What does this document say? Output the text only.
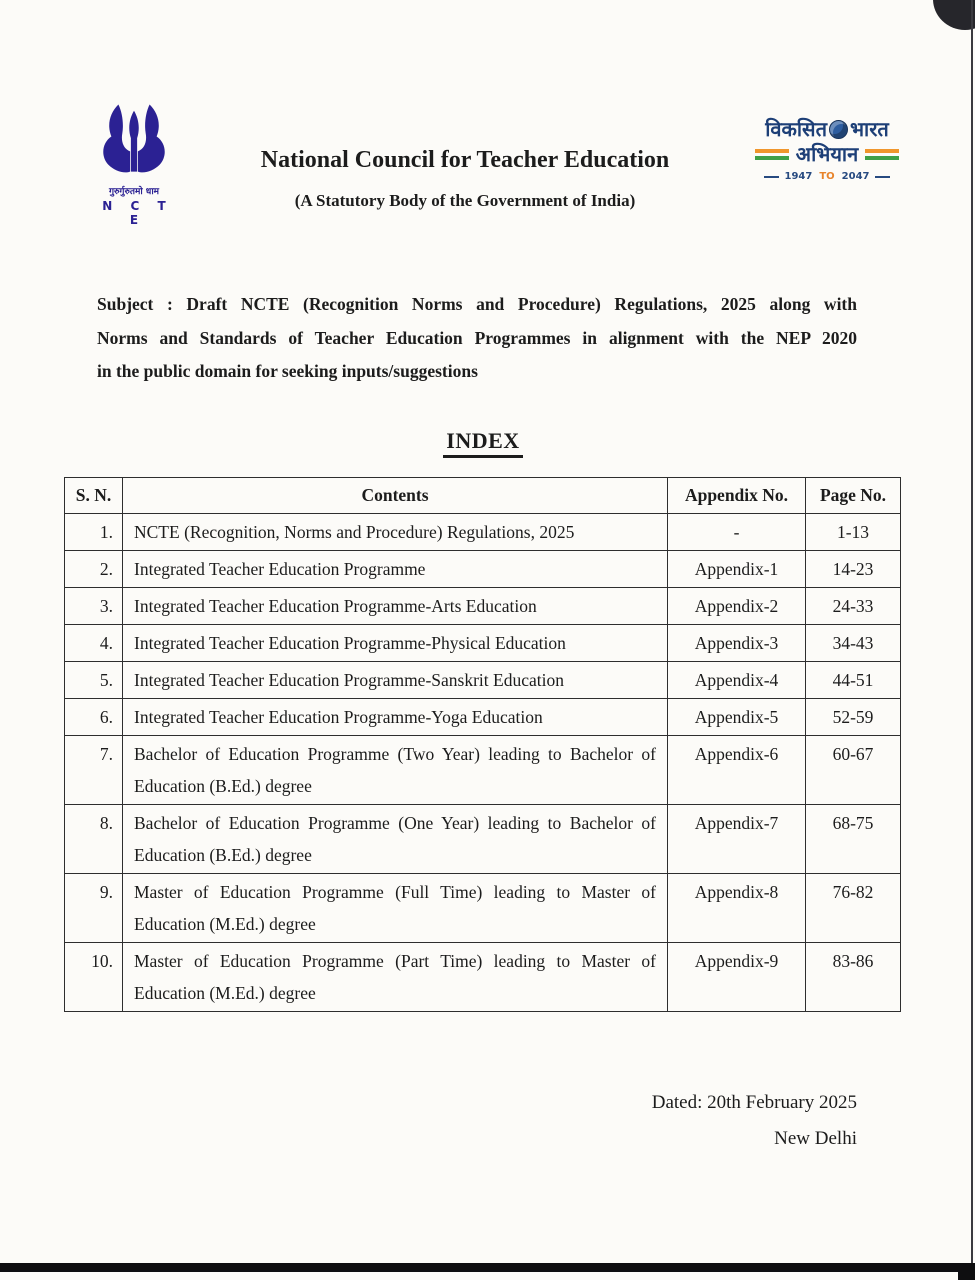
गुरुर्गुरुतमो धाम
N C T E
National Council for Teacher Education
(A Statutory Body of the Government of India)
विकसित भारत
अभियान
1947 TO 2047
Subject : Draft NCTE (Recognition Norms and Procedure) Regulations, 2025 along with
Norms and Standards of Teacher Education Programmes in alignment with the NEP 2020
in the public domain for seeking inputs/suggestions
INDEX
S. N.	Contents	Appendix No.	Page No.
1.	NCTE (Recognition, Norms and Procedure) Regulations, 2025	-	1-13
2.	Integrated Teacher Education Programme	Appendix-1	14-23
3.	Integrated Teacher Education Programme-Arts Education	Appendix-2	24-33
4.	Integrated Teacher Education Programme-Physical Education	Appendix-3	34-43
5.	Integrated Teacher Education Programme-Sanskrit Education	Appendix-4	44-51
6.	Integrated Teacher Education Programme-Yoga Education	Appendix-5	52-59
7.	Bachelor of Education Programme (Two Year) leading to Bachelor of Education (B.Ed.) degree	Appendix-6	60-67
8.	Bachelor of Education Programme (One Year) leading to Bachelor of Education (B.Ed.) degree	Appendix-7	68-75
9.	Master of Education Programme (Full Time) leading to Master of Education (M.Ed.) degree	Appendix-8	76-82
10.	Master of Education Programme (Part Time) leading to Master of Education (M.Ed.) degree	Appendix-9	83-86
Dated: 20th February 2025
New Delhi
